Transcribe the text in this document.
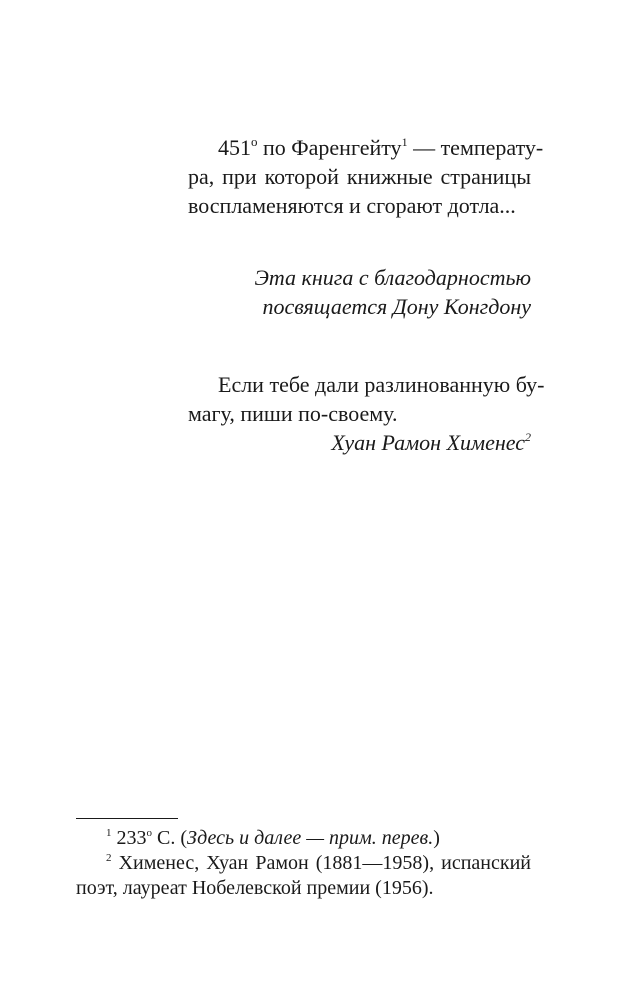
$451^о$ по Фаренгейту$^1$ — температу-
ра, при которой книжные страницы
воспламеняются и сгорают дотла...
Эта книга с благодарностью
посвящается Дону Конгдону
Если тебе дали разлинованную бу-
магу, пиши по-своему.
Хуан Рамон Хименес$^2$
$^1$ $233^о$ С. (Здесь и далее — прим. перев.)
$^2$ Хименес, Хуан Рамон (1881—1958), испанский
поэт, лауреат Нобелевской премии (1956).
